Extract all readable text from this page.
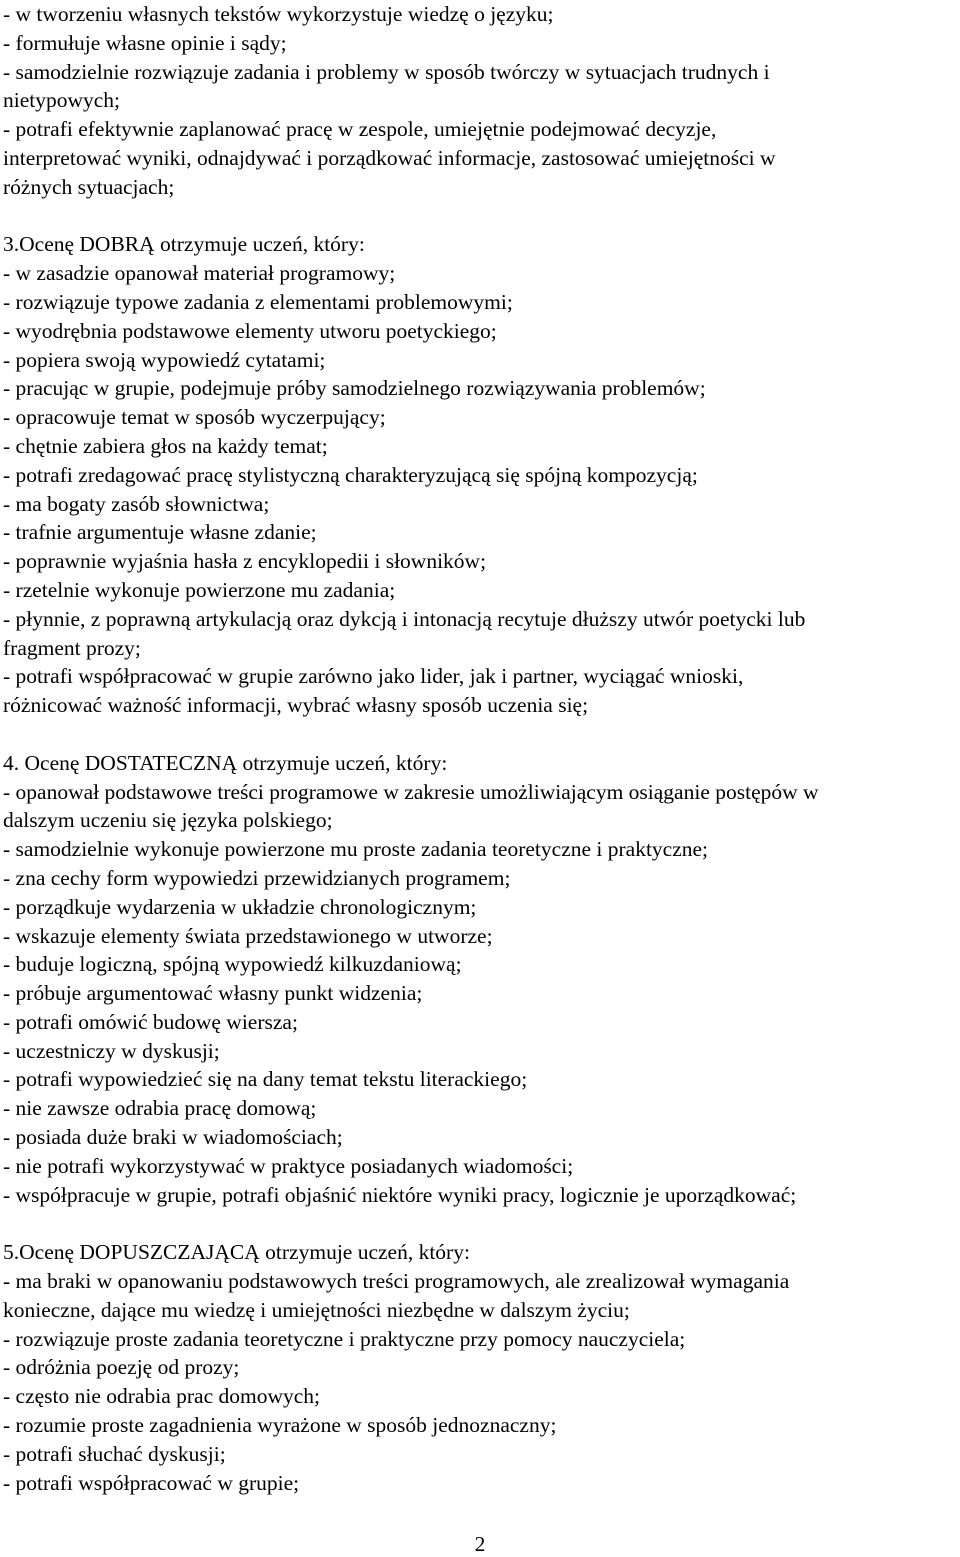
- w tworzeniu własnych tekstów wykorzystuje wiedzę o języku;
- formułuje własne opinie i sądy;
- samodzielnie rozwiązuje zadania i problemy w sposób twórczy w sytuacjach trudnych i
nietypowych;
- potrafi efektywnie zaplanować pracę w zespole, umiejętnie podejmować decyzje,
interpretować wyniki, odnajdywać i porządkować informacje, zastosować umiejętności w
różnych sytuacjach;
3.Ocenę DOBRĄ otrzymuje uczeń, który:
- w zasadzie opanował materiał programowy;
- rozwiązuje typowe zadania z elementami problemowymi;
- wyodrębnia podstawowe elementy utworu poetyckiego;
- popiera swoją wypowiedź cytatami;
- pracując w grupie, podejmuje próby samodzielnego rozwiązywania problemów;
- opracowuje temat w sposób wyczerpujący;
- chętnie zabiera głos na każdy temat;
- potrafi zredagować pracę stylistyczną charakteryzującą się spójną kompozycją;
- ma bogaty zasób słownictwa;
- trafnie argumentuje własne zdanie;
- poprawnie wyjaśnia hasła z encyklopedii i słowników;
- rzetelnie wykonuje powierzone mu zadania;
- płynnie, z poprawną artykulacją oraz dykcją i intonacją recytuje dłuższy utwór poetycki lub
fragment prozy;
- potrafi współpracować w grupie zarówno jako lider, jak i partner, wyciągać wnioski,
różnicować ważność informacji, wybrać własny sposób uczenia się;
4. Ocenę DOSTATECZNĄ otrzymuje uczeń, który:
- opanował podstawowe treści programowe w zakresie umożliwiającym osiąganie postępów w
dalszym uczeniu się języka polskiego;
- samodzielnie wykonuje powierzone mu proste zadania teoretyczne i praktyczne;
- zna cechy form wypowiedzi przewidzianych programem;
- porządkuje wydarzenia w układzie chronologicznym;
- wskazuje elementy świata przedstawionego w utworze;
- buduje logiczną, spójną wypowiedź kilkuzdaniową;
- próbuje argumentować własny punkt widzenia;
- potrafi omówić budowę wiersza;
- uczestniczy w dyskusji;
- potrafi wypowiedzieć się na dany temat tekstu literackiego;
- nie zawsze odrabia pracę domową;
- posiada duże braki w wiadomościach;
- nie potrafi wykorzystywać w praktyce posiadanych wiadomości;
- współpracuje w grupie, potrafi objaśnić niektóre wyniki pracy, logicznie je uporządkować;
5.Ocenę DOPUSZCZAJĄCĄ otrzymuje uczeń, który:
- ma braki w opanowaniu podstawowych treści programowych, ale zrealizował wymagania
konieczne, dające mu wiedzę i umiejętności niezbędne w dalszym życiu;
- rozwiązuje proste zadania teoretyczne i praktyczne przy pomocy nauczyciela;
- odróżnia poezję od prozy;
- często nie odrabia prac domowych;
- rozumie proste zagadnienia wyrażone w sposób jednoznaczny;
- potrafi słuchać dyskusji;
- potrafi współpracować w grupie;
2
